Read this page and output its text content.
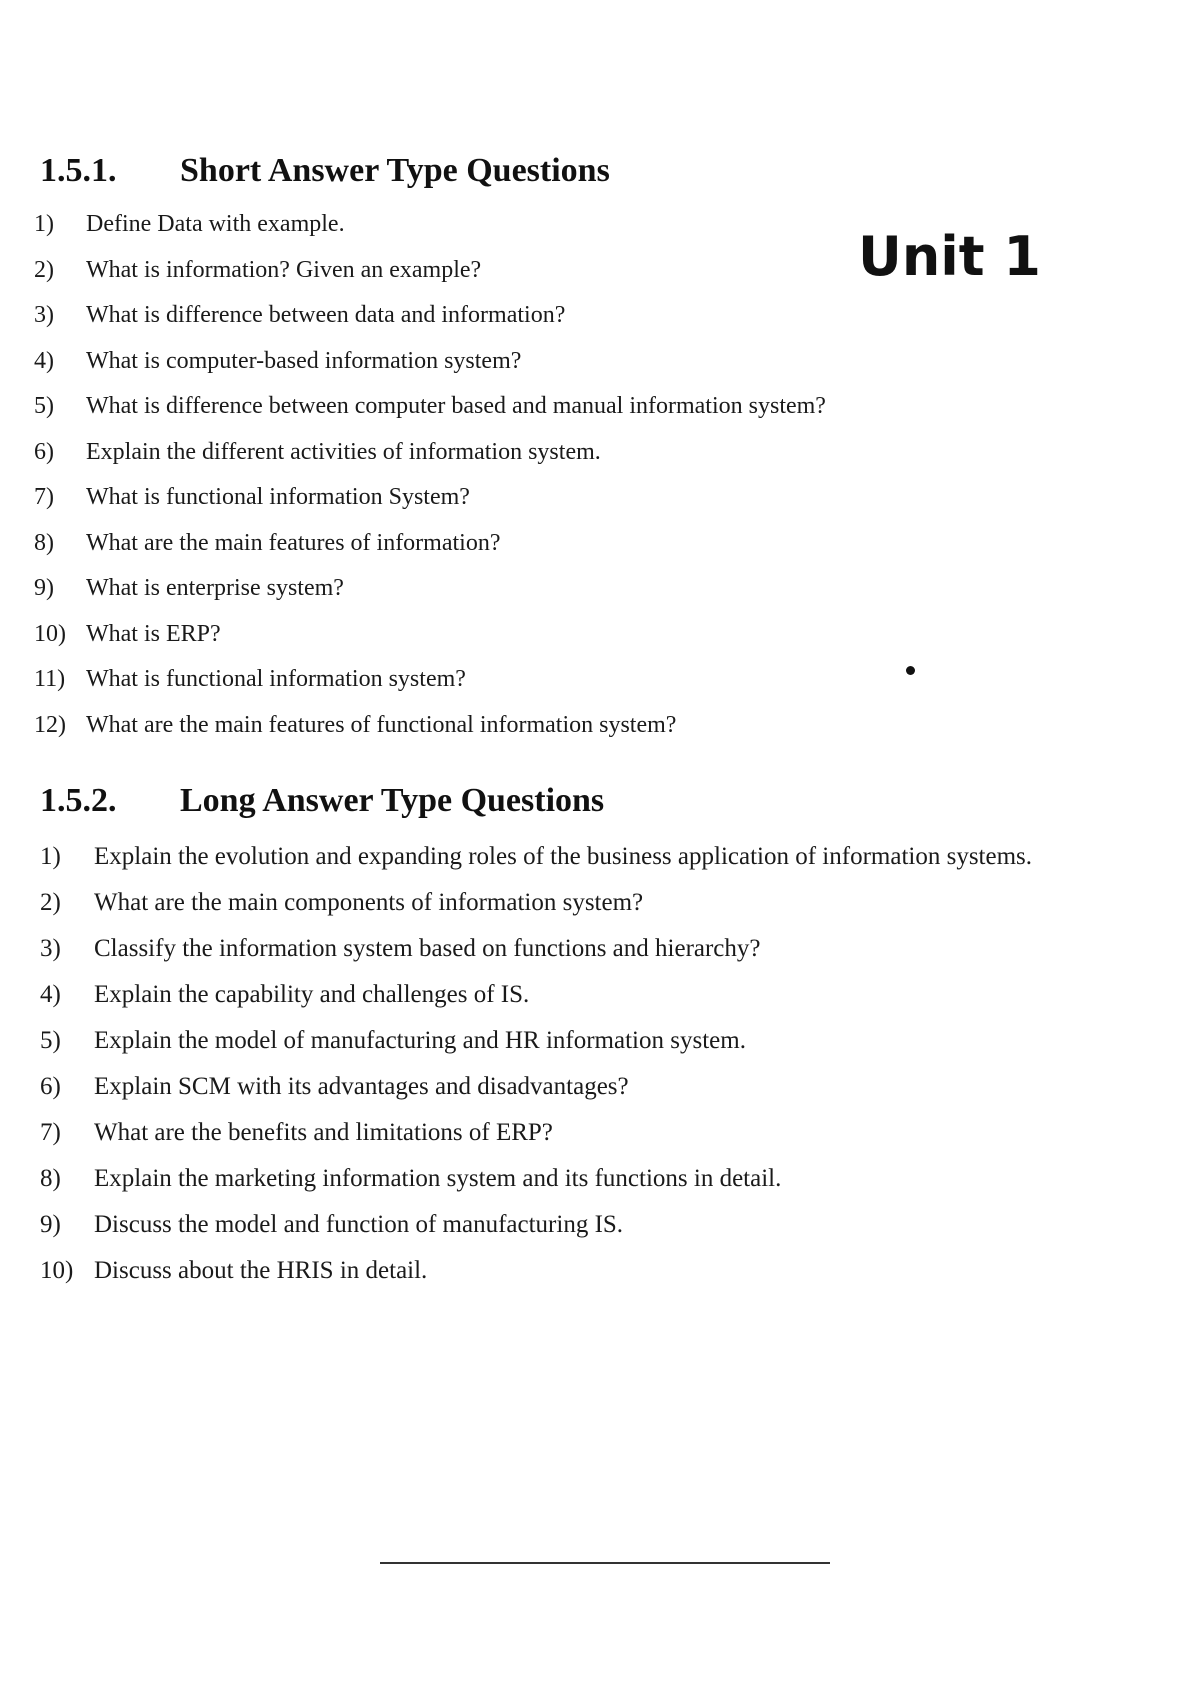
1.5.1. Short Answer Type Questions
Unit 1
1) Define Data with example.
2) What is information? Given an example?
3) What is difference between data and information?
4) What is computer-based information system?
5) What is difference between computer based and manual information system?
6) Explain the different activities of information system.
7) What is functional information System?
8) What are the main features of information?
9) What is enterprise system?
10) What is ERP?
11) What is functional information system?
12) What are the main features of functional information system?
1.5.2. Long Answer Type Questions
1) Explain the evolution and expanding roles of the business application of information systems.
2) What are the main components of information system?
3) Classify the information system based on functions and hierarchy?
4) Explain the capability and challenges of IS.
5) Explain the model of manufacturing and HR information system.
6) Explain SCM with its advantages and disadvantages?
7) What are the benefits and limitations of ERP?
8) Explain the marketing information system and its functions in detail.
9) Discuss the model and function of manufacturing IS.
10) Discuss about the HRIS in detail.
